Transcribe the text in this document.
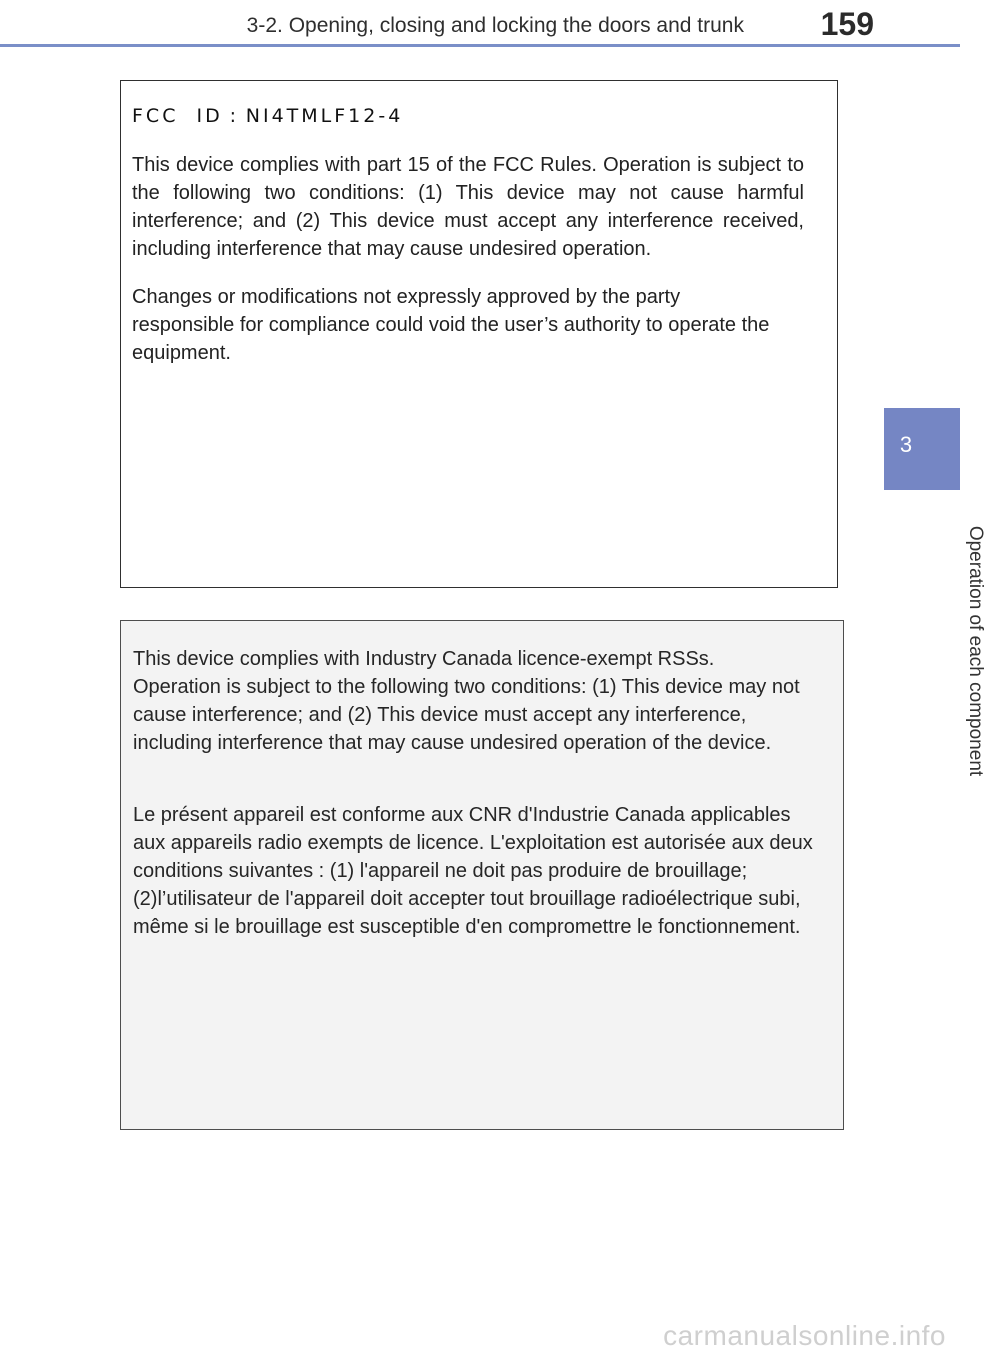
3-2. Opening, closing and locking the doors and trunk 159
3
Operation of each component
FCC  ID : NI4TMLF12-4

This device complies with part 15 of the FCC Rules. Operation is subject to the following two conditions: (1) This device may not cause harmful interference; and (2) This device must accept any interference received, including interference that may cause undesired operation.

Changes or modifications not expressly approved by the party responsible for compliance could void the user’s authority to operate the equipment.

This device complies with Industry Canada licence-exempt RSSs. Operation is subject to the following two conditions: (1) This device may not cause interference; and (2) This device must accept any interference, including interference that may cause undesired operation of the device.

Le présent appareil est conforme aux CNR d'Industrie Canada applicables aux appareils radio exempts de licence. L'exploitation est autorisée aux deux conditions suivantes : (1) l'appareil ne doit pas produire de brouillage; (2)l’utilisateur de l'appareil doit accepter tout brouillage radioélectrique subi, même si le brouillage est susceptible d'en compromettre le fonctionnement.

carmanualsonline.info
